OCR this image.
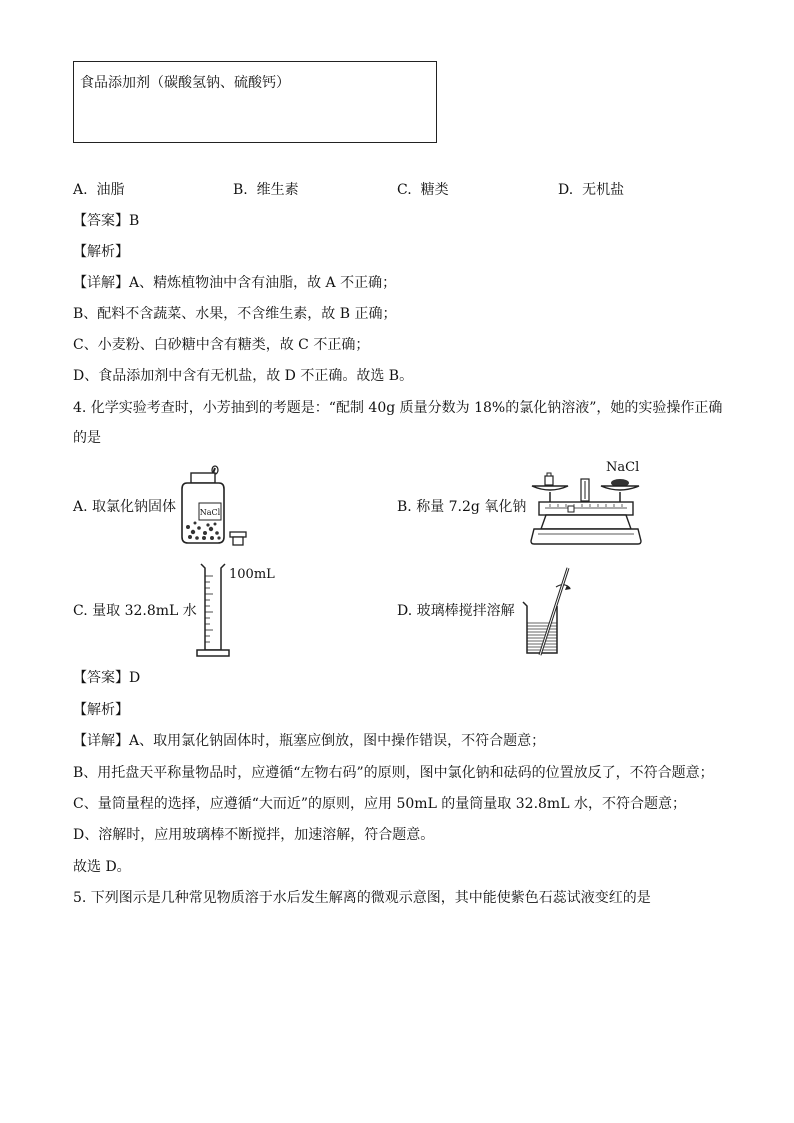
食品添加剂（碳酸氢钠、硫酸钙）
A. 油脂	B. 维生素	C. 糖类	D. 无机盐
【答案】B
【解析】
【详解】A、精炼植物油中含有油脂，故 A 不正确；
B、配料不含蔬菜、水果，不含维生素，故 B 正确；
C、小麦粉、白砂糖中含有糖类，故 C 不正确；
D、食品添加剂中含有无机盐，故 D 不正确。故选 B。
4. 化学实验考查时，小芳抽到的考题是：“配制 40g 质量分数为 18%的氯化钠溶液”，她的实验操作正确
的是
A. 取氯化钠固体	NaCl	B. 称量 7.2g 氧化钠
NaCl
C. 量取 32.8mL 水
100mL
D. 玻璃棒搅拌溶解
【答案】D
【解析】
【详解】A、取用氯化钠固体时，瓶塞应倒放，图中操作错误，不符合题意；
B、用托盘天平称量物品时，应遵循“左物右码”的原则，图中氯化钠和砝码的位置放反了，不符合题意；
C、量筒量程的选择，应遵循“大而近”的原则，应用 50mL 的量筒量取 32.8mL 水，不符合题意；
D、溶解时，应用玻璃棒不断搅拌，加速溶解，符合题意。
故选 D。
5. 下列图示是几种常见物质溶于水后发生解离的微观示意图，其中能使紫色石蕊试液变红的是
